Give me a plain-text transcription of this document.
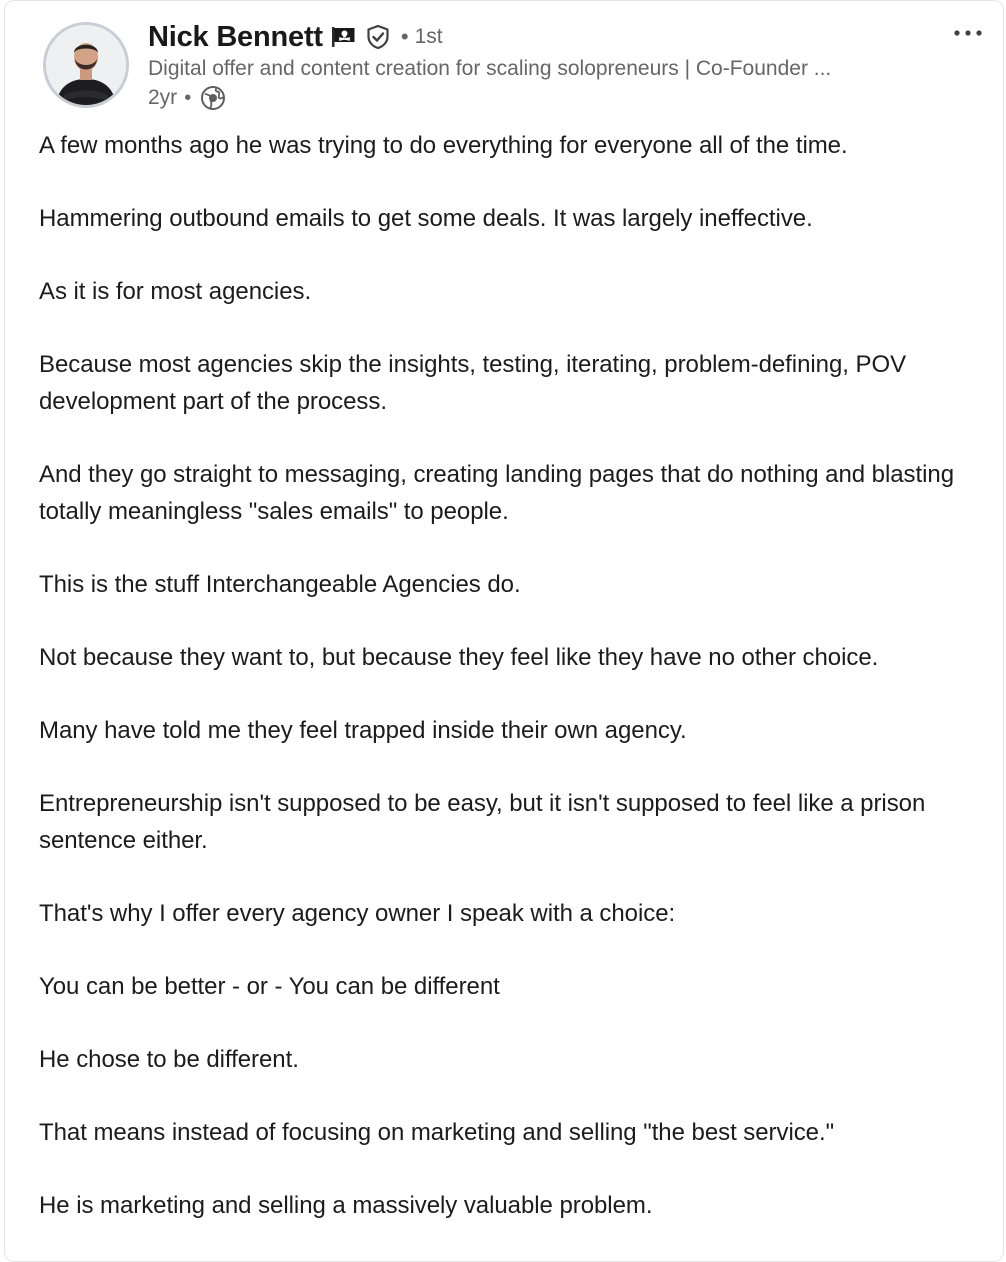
Nick Bennett	• 1st
Digital offer and content creation for scaling solopreneurs | Co-Founder ...
2yr •

A few months ago he was trying to do everything for everyone all of the time.

Hammering outbound emails to get some deals. It was largely ineffective.

As it is for most agencies.

Because most agencies skip the insights, testing, iterating, problem-defining, POV development part of the process.

And they go straight to messaging, creating landing pages that do nothing and blasting totally meaningless "sales emails" to people.

This is the stuff Interchangeable Agencies do.

Not because they want to, but because they feel like they have no other choice.

Many have told me they feel trapped inside their own agency.

Entrepreneurship isn't supposed to be easy, but it isn't supposed to feel like a prison sentence either.

That's why I offer every agency owner I speak with a choice:

You can be better - or - You can be different

He chose to be different.

That means instead of focusing on marketing and selling "the best service."

He is marketing and selling a massively valuable problem.
